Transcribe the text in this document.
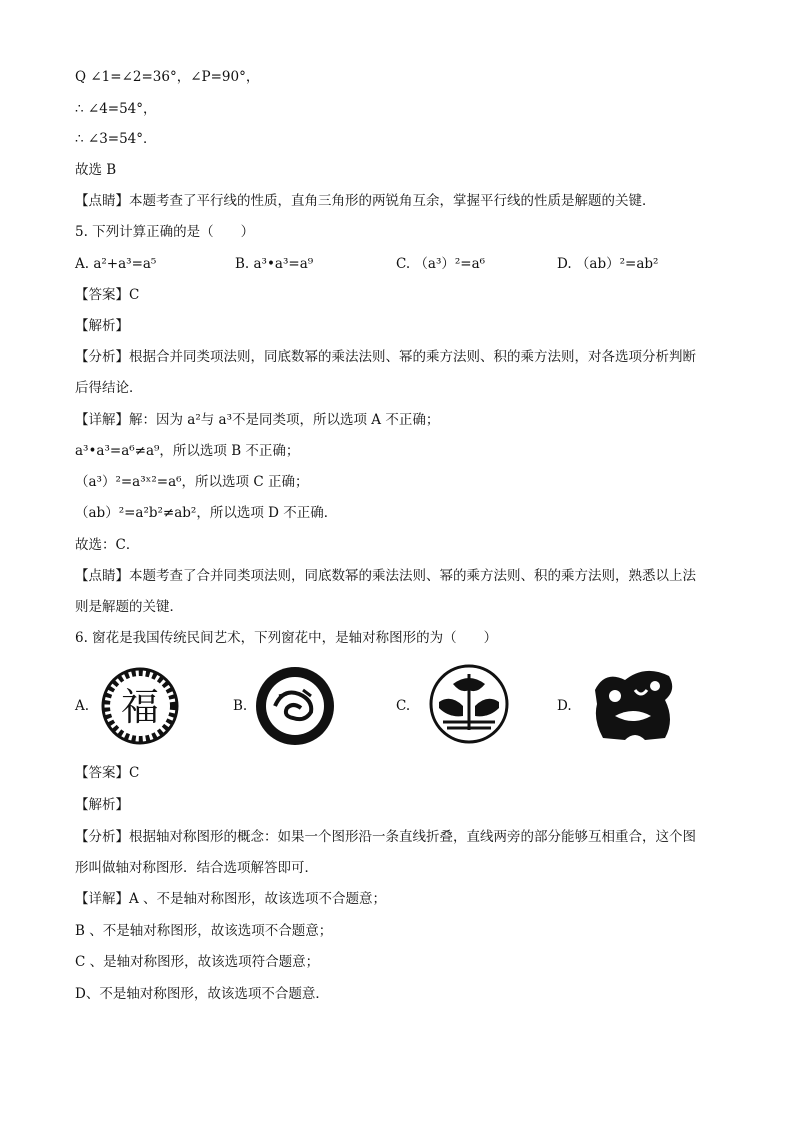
Q ∠1=∠2=36°，∠P=90°，
∴ ∠4=54°，
∴ ∠3=54°．
故选 B
【点睛】本题考查了平行线的性质，直角三角形的两锐角互余，掌握平行线的性质是解题的关键．
5. 下列计算正确的是（　　）
A. a²+a³=a⁵	B. a³•a³=a⁹	C. （a³）²=a⁶	D. （ab）²=ab²
【答案】C
【解析】
【分析】根据合并同类项法则，同底数幂的乘法法则、幂的乘方法则、积的乘方法则，对各选项分析判断
后得结论．
【详解】解：因为 a²与 a³不是同类项，所以选项 A 不正确；
a³•a³=a⁶≠a⁹，所以选项 B 不正确；
（a³）²=a³ˣ²=a⁶，所以选项 C 正确；
（ab）²=a²b²≠ab²，所以选项 D 不正确．
故选：C．
【点睛】本题考查了合并同类项法则，同底数幂的乘法法则、幂的乘方法则、积的乘方法则，熟悉以上法
则是解题的关键．
6. 窗花是我国传统民间艺术，下列窗花中，是轴对称图形的为（　　）
A. 福	B.	C.	D.
【答案】C
【解析】
【分析】根据轴对称图形的概念：如果一个图形沿一条直线折叠，直线两旁的部分能够互相重合，这个图
形叫做轴对称图形．结合选项解答即可．
【详解】A 、不是轴对称图形，故该选项不合题意；
B 、不是轴对称图形，故该选项不合题意；
C 、是轴对称图形，故该选项符合题意；
D、不是轴对称图形，故该选项不合题意．
